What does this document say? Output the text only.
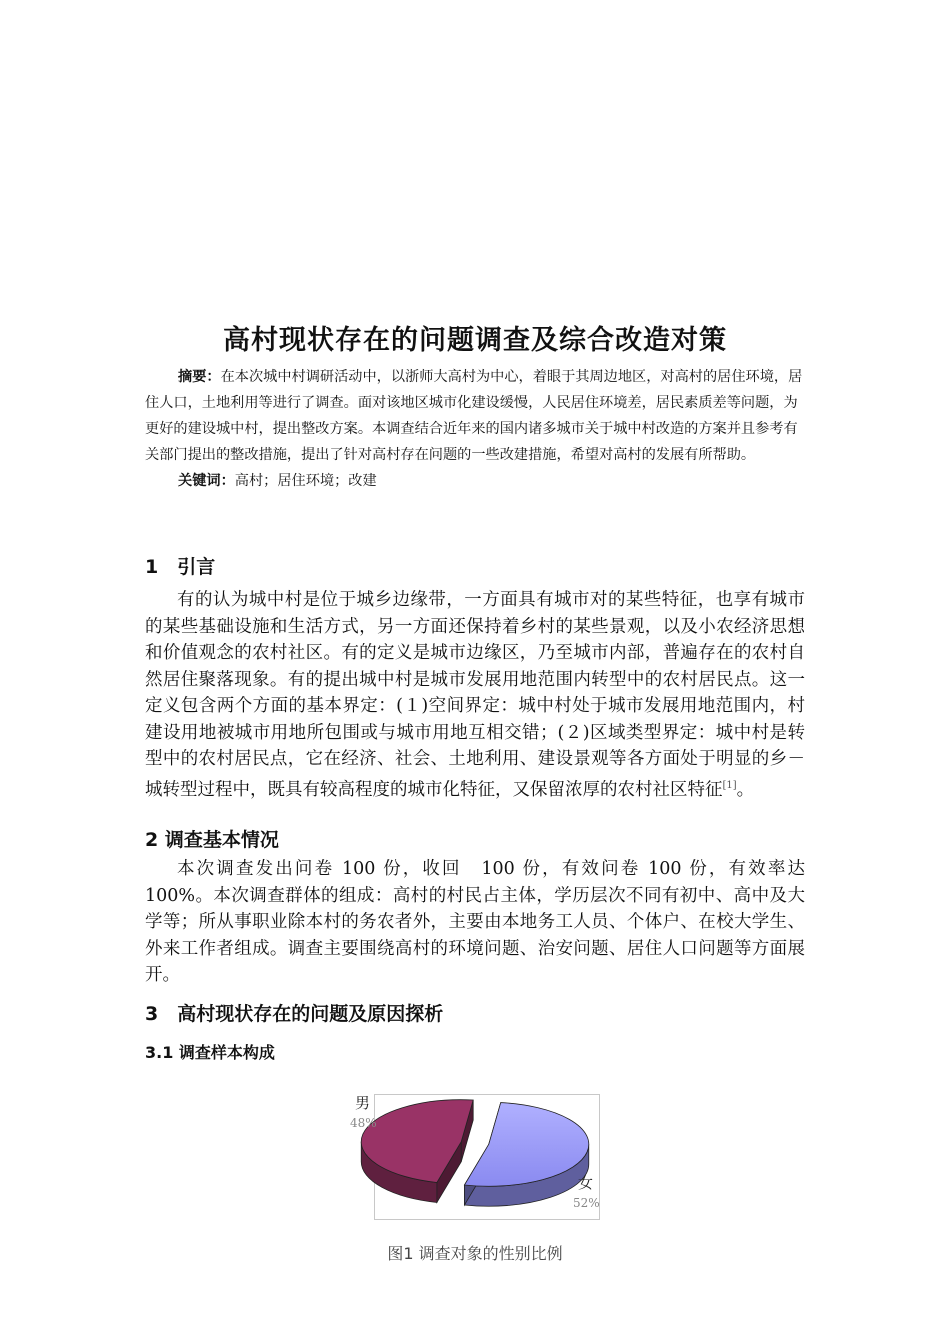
高村现状存在的问题调查及综合改造对策

摘要：在本次城中村调研活动中，以浙师大高村为中心，着眼于其周边地区，对高村的居住环境，居住人口，土地利用等进行了调查。面对该地区城市化建设缓慢，人民居住环境差，居民素质差等问题，为更好的建设城中村，提出整改方案。本调查结合近年来的国内诸多城市关于城中村改造的方案并且参考有关部门提出的整改措施，提出了针对高村存在问题的一些改建措施，希望对高村的发展有所帮助。

关键词：高村；居住环境；改建

1　引言

有的认为城中村是位于城乡边缘带，一方面具有城市对的某些特征，也享有城市的某些基础设施和生活方式，另一方面还保持着乡村的某些景观，以及小农经济思想和价值观念的农村社区。有的定义是城市边缘区，乃至城市内部，普遍存在的农村自然居住聚落现象。有的提出城中村是城市发展用地范围内转型中的农村居民点。这一定义包含两个方面的基本界定：(１)空间界定：城中村处于城市发展用地范围内，村建设用地被城市用地所包围或与城市用地互相交错；(２)区域类型界定：城中村是转型中的农村居民点，它在经济、社会、土地利用、建设景观等各方面处于明显的乡－城转型过程中，既具有较高程度的城市化特征，又保留浓厚的农村社区特征[1]。

2 调查基本情况

本次调查发出问卷 100 份，收回　100 份，有效问卷 100 份，有效率达100%。本次调查群体的组成：高村的村民占主体，学历层次不同有初中、高中及大学等；所从事职业除本村的务农者外，主要由本地务工人员、个体户、在校大学生、外来工作者组成。调查主要围绕高村的环境问题、治安问题、居住人口问题等方面展开。

3　高村现状存在的问题及原因探析
3.1 调查样本构成
男
48%
女
52%
图1 调查对象的性别比例
